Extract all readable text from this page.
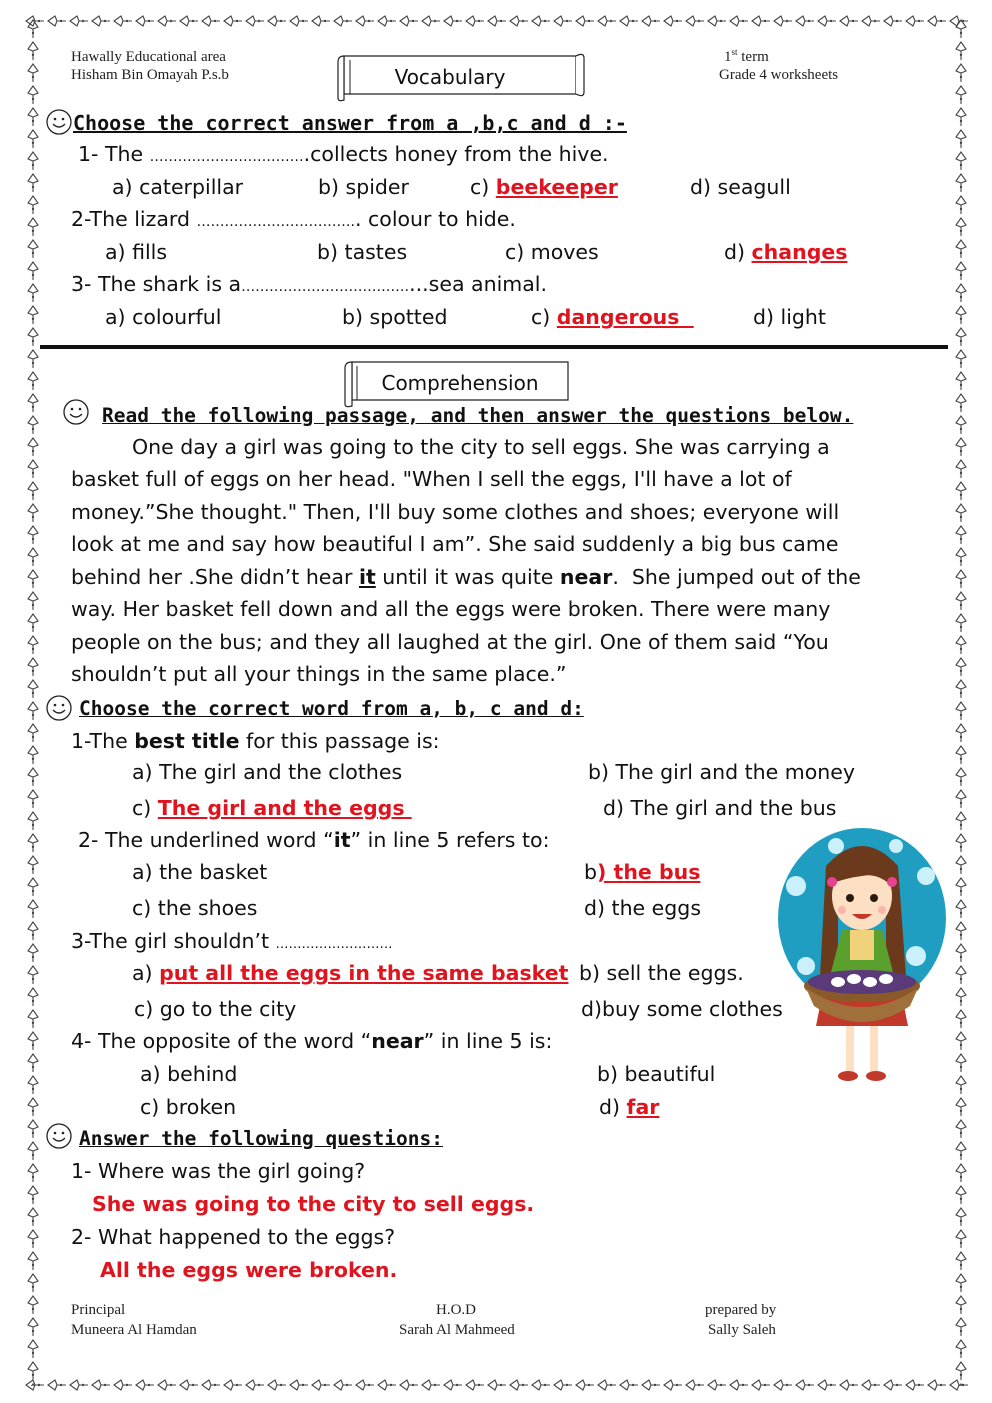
Hawally Educational area
Hisham Bin Omayah P.s.b
1st term
Grade 4 worksheets
Vocabulary
Choose the correct answer from a ,b,c and d :-
1- The …………………………….collects honey from the hive.
a) caterpillar	b) spider	c) beekeeper	d) seagull
2-The lizard …………………………….. colour to hide.
a) fills	b) tastes	c) moves	d) changes
3- The shark is a………………………………...sea animal.
a) colourful	b) spotted	c) dangerous	d) light
Comprehension
Read the following passage, and then answer the questions below.
One day a girl was going to the city to sell eggs. She was carrying a
basket full of eggs on her head. "When I sell the eggs, I'll have a lot of
money.”She thought." Then, I'll buy some clothes and shoes; everyone will
look at me and say how beautiful I am”. She said suddenly a big bus came
behind her .She didn’t hear it until it was quite near.  She jumped out of the
way. Her basket fell down and all the eggs were broken. There were many
people on the bus; and they all laughed at the girl. One of them said “You
shouldn’t put all your things in the same place.”
Choose the correct word from a, b, c and d:
1-The best title for this passage is:
a) The girl and the clothes	b) The girl and the money
c) The girl and the eggs	d) The girl and the bus
2- The underlined word “it” in line 5 refers to:
a) the basket	b) the bus
c) the shoes	d) the eggs
3-The girl shouldn’t ………………………
a) put all the eggs in the same basket b) sell the eggs.
c) go to the city	d)buy some clothes
4- The opposite of the word “near” in line 5 is:
a) behind	b) beautiful
c) broken	d) far
Answer the following questions:
1- Where was the girl going?
She was going to the city to sell eggs.
2- What happened to the eggs?
All the eggs were broken.
Principal
Muneera Al Hamdan
H.O.D
Sarah Al Mahmeed
prepared by
Sally Saleh
